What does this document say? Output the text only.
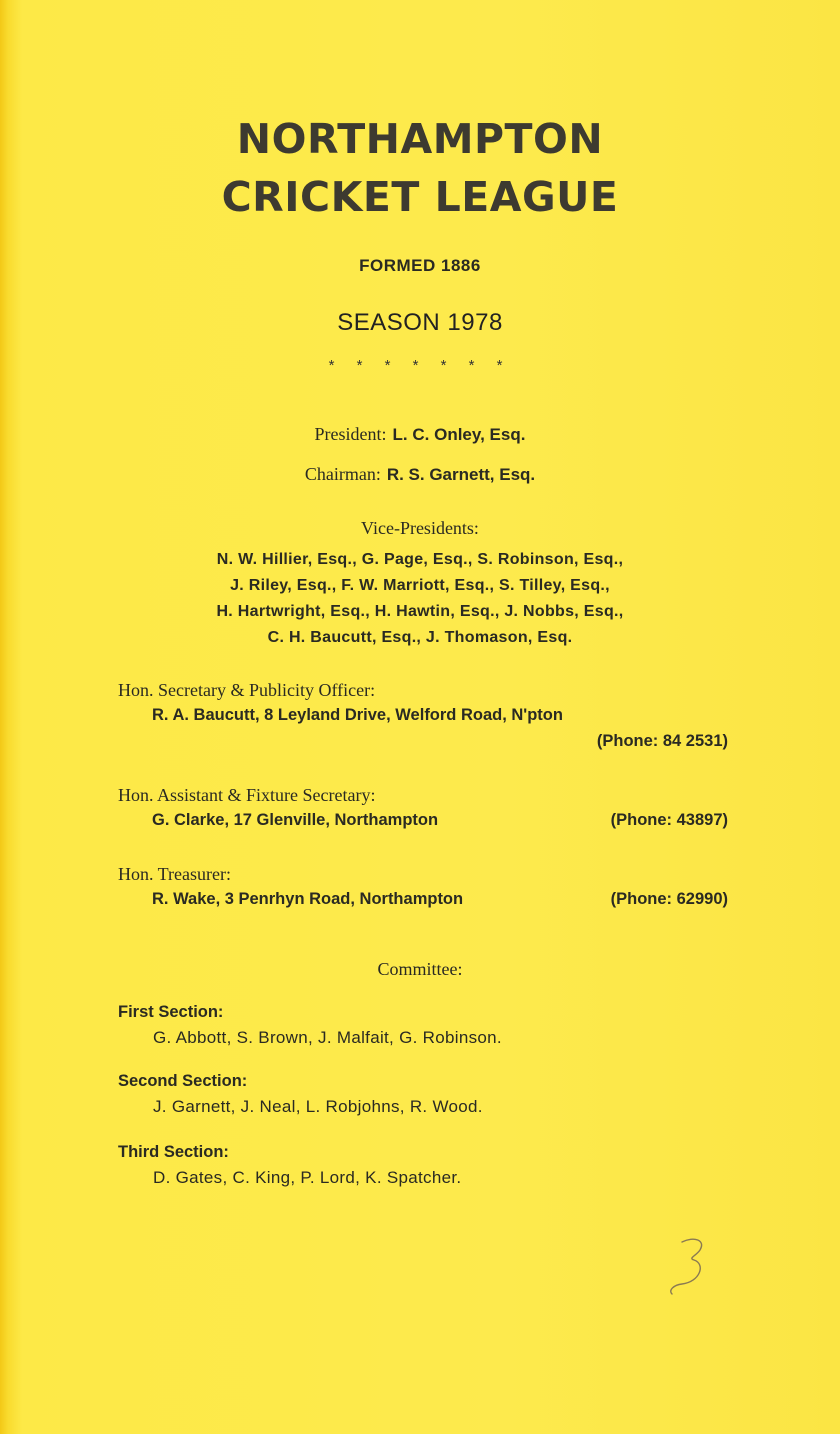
NORTHAMPTON
CRICKET LEAGUE
FORMED 1886
SEASON 1978
* * * * * * *
President: L. C. Onley, Esq.
Chairman: R. S. Garnett, Esq.
Vice-Presidents:
N. W. Hillier, Esq., G. Page, Esq., S. Robinson, Esq.,
J. Riley, Esq., F. W. Marriott, Esq., S. Tilley, Esq.,
H. Hartwright, Esq., H. Hawtin, Esq., J. Nobbs, Esq.,
C. H. Baucutt, Esq., J. Thomason, Esq.
Hon. Secretary & Publicity Officer:
R. A. Baucutt, 8 Leyland Drive, Welford Road, N'pton
(Phone: 84 2531)
Hon. Assistant & Fixture Secretary:
G. Clarke, 17 Glenville, Northampton	(Phone: 43897)
Hon. Treasurer:
R. Wake, 3 Penrhyn Road, Northampton	(Phone: 62990)
Committee:
First Section:
G. Abbott, S. Brown, J. Malfait, G. Robinson.
Second Section:
J. Garnett, J. Neal, L. Robjohns, R. Wood.
Third Section:
D. Gates, C. King, P. Lord, K. Spatcher.
